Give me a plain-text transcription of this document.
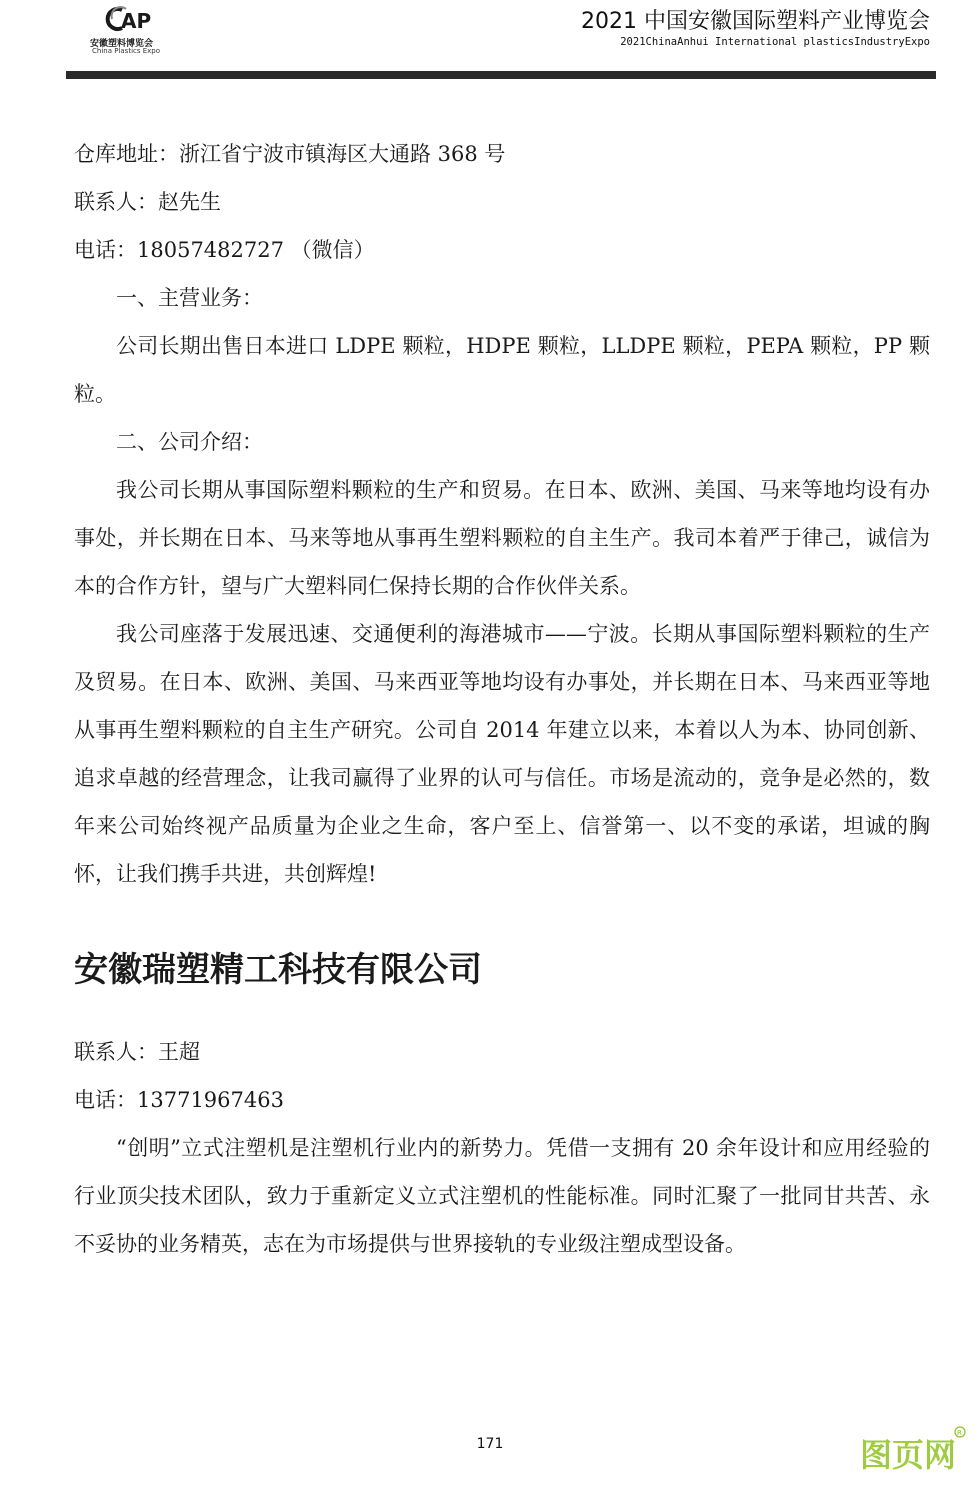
AP
安徽塑料博览会
China Plastics Expo
2021 中国安徽国际塑料产业博览会
2021ChinaAnhui International plasticsIndustryExpo
仓库地址：浙江省宁波市镇海区大通路 368 号
联系人：赵先生
电话：18057482727 （微信）

一、主营业务：

公司长期出售日本进口 LDPE 颗粒，HDPE 颗粒，LLDPE 颗粒，PEPA 颗粒，PP 颗粒。

二、公司介绍：

我公司长期从事国际塑料颗粒的生产和贸易。在日本、欧洲、美国、马来等地均设有办事处，并长期在日本、马来等地从事再生塑料颗粒的自主生产。我司本着严于律己，诚信为本的合作方针，望与广大塑料同仁保持长期的合作伙伴关系。

我公司座落于发展迅速、交通便利的海港城市——宁波。长期从事国际塑料颗粒的生产及贸易。在日本、欧洲、美国、马来西亚等地均设有办事处，并长期在日本、马来西亚等地从事再生塑料颗粒的自主生产研究。公司自 2014 年建立以来，本着以人为本、协同创新、追求卓越的经营理念，让我司赢得了业界的认可与信任。市场是流动的，竞争是必然的，数年来公司始终视产品质量为企业之生命，客户至上、信誉第一、以不变的承诺，坦诚的胸怀，让我们携手共进，共创辉煌!

安徽瑞塑精工科技有限公司
联系人：王超
电话：13771967463

“创明”立式注塑机是注塑机行业内的新势力。凭借一支拥有 20 余年设计和应用经验的行业顶尖技术团队，致力于重新定义立式注塑机的性能标准。同时汇聚了一批同甘共苦、永不妥协的业务精英，志在为市场提供与世界接轨的专业级注塑成型设备。

171	图页网
R
